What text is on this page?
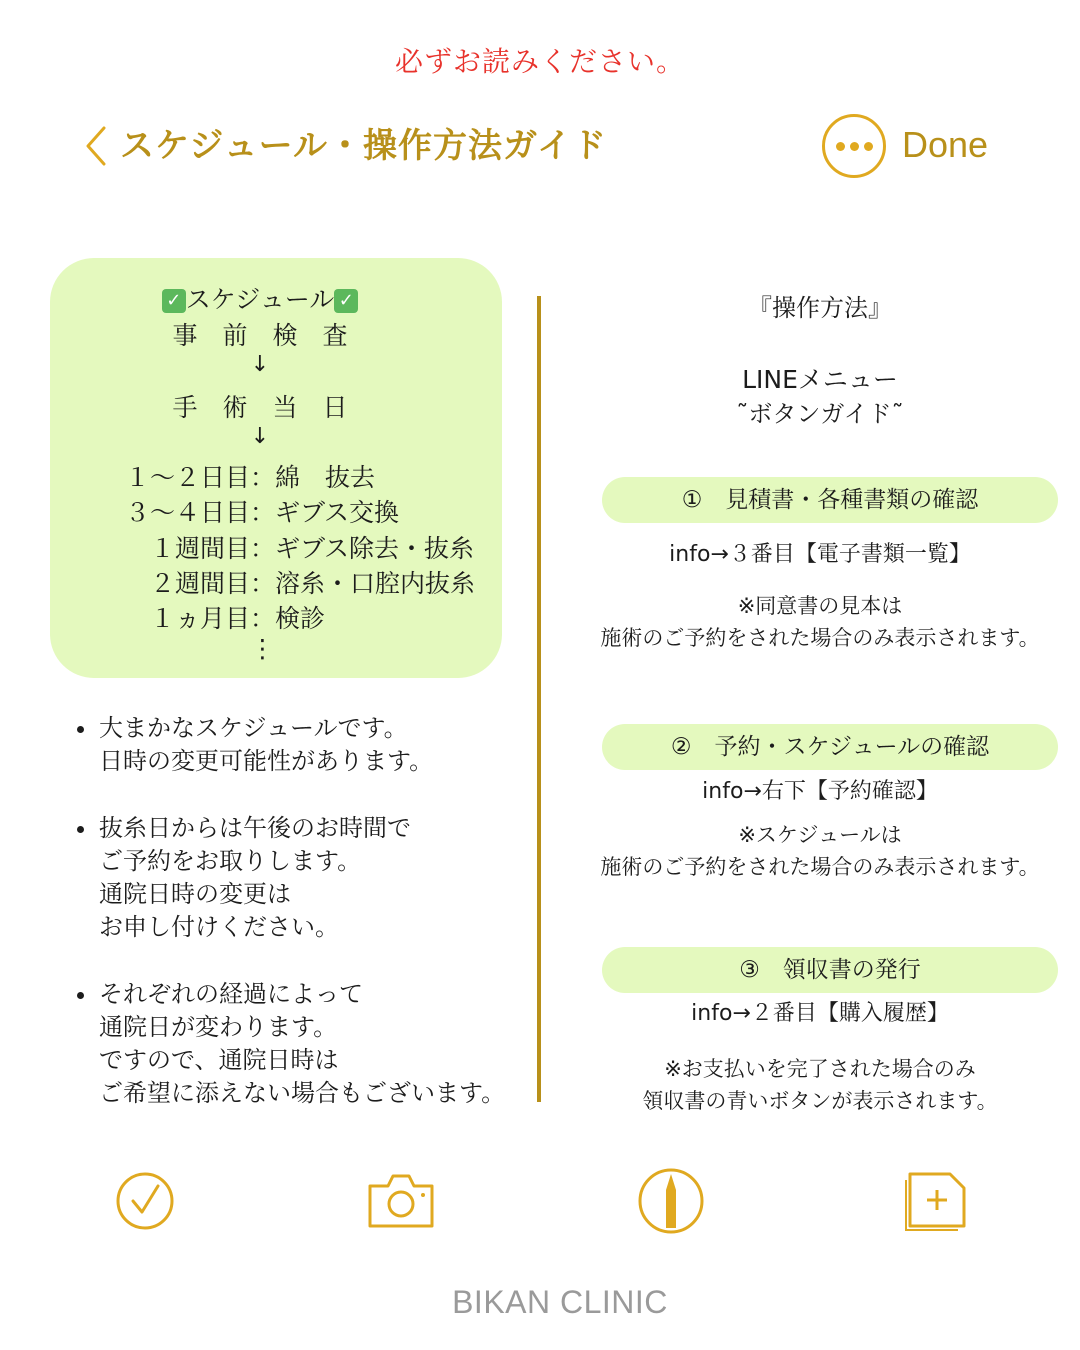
必ずお読みください。
スケジュール・操作方法ガイド	Done
✓ スケジュール ✓
事　前　検　査
↓
手　術　当　日
↓
１〜２日目： 綿　抜去
３〜４日目： ギブス交換
１週間目： ギブス除去・抜糸
２週間目： 溶糸・口腔内抜糸
１ヵ月目： 検診
⋮
大まかなスケジュールです。
日時の変更可能性があります。
抜糸日からは午後のお時間で
ご予約をお取りします。
通院日時の変更は
お申し付けください。
それぞれの経過によって
通院日が変わります。
ですので、通院日時は
ご希望に添えない場合もございます。
『操作方法』
LINEメニュー
˜ボタンガイド˜
①　見積書・各種書類の確認
info→３番目【電子書類一覧】
※同意書の見本は
施術のご予約をされた場合のみ表示されます。
②　予約・スケジュールの確認
info→右下【予約確認】
※スケジュールは
施術のご予約をされた場合のみ表示されます。
③　領収書の発行
info→２番目【購入履歴】
※お支払いを完了された場合のみ
領収書の青いボタンが表示されます。
BIKAN CLINIC
